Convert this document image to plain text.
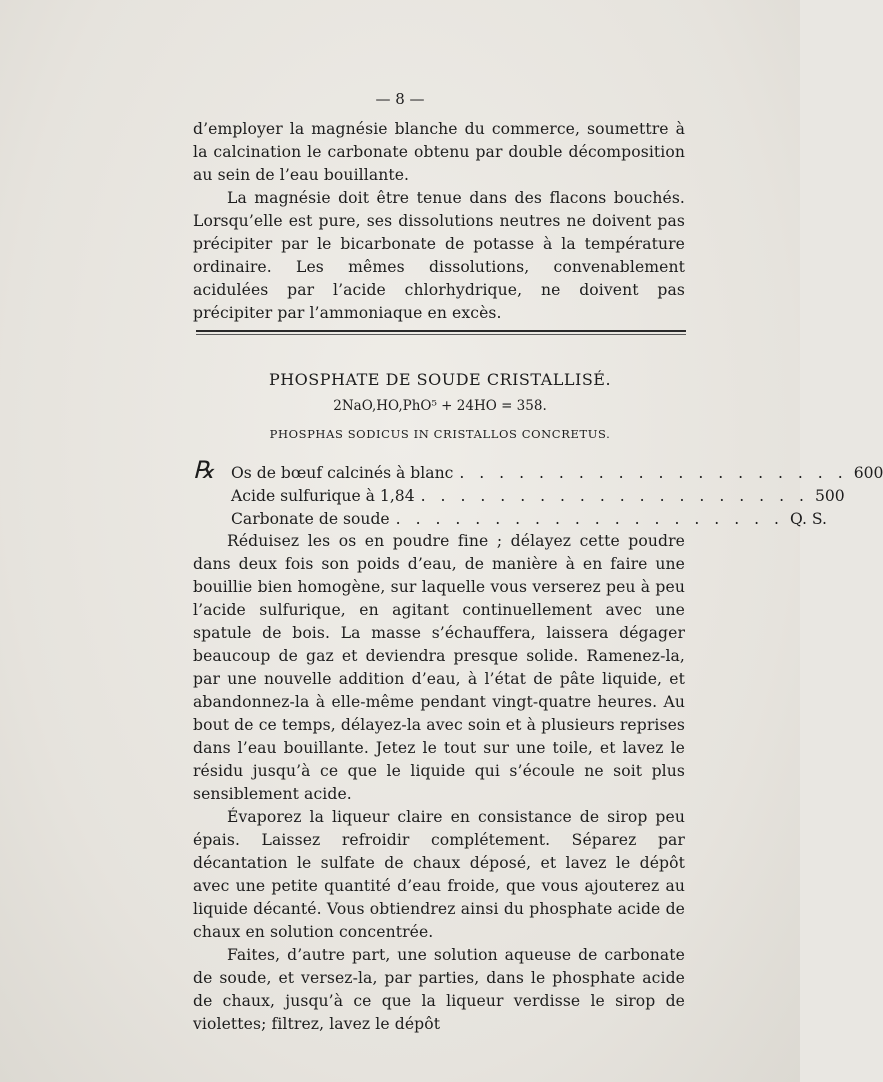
— 8 —

d’employer la magnésie blanche du commerce, soumettre à la calcination le carbonate obtenu par double décomposition au sein de l’eau bouillante.

La magnésie doit être tenue dans des flacons bouchés. Lorsqu’elle est pure, ses dissolutions neutres ne doivent pas précipiter par le bicarbonate de potasse à la température ordinaire. Les mêmes dissolutions, convenablement acidulées par l’acide chlorhydrique, ne doivent pas précipiter par l’ammoniaque en excès.

PHOSPHATE DE SOUDE CRISTALLISÉ.
2NaO,HO,PhO⁵ + 24HO = 358.
PHOSPHAS SODICUS IN CRISTALLOS CONCRETUS.
℞ Os de bœuf calcinés à blanc . . . . . . . . . . . . . . . . . . . . 600
Acide sulfurique à 1,84 . . . . . . . . . . . . . . . . . . . . 500
Carbonate de soude . . . . . . . . . . . . . . . . . . . . Q. S.

Réduisez les os en poudre fine ; délayez cette poudre dans deux fois son poids d’eau, de manière à en faire une bouillie bien homogène, sur laquelle vous verserez peu à peu l’acide sulfurique, en agitant continuellement avec une spatule de bois. La masse s’échauffera, laissera dégager beaucoup de gaz et deviendra presque solide. Ramenez-la, par une nouvelle addition d’eau, à l’état de pâte liquide, et abandonnez-la à elle-même pendant vingt-quatre heures. Au bout de ce temps, délayez-la avec soin et à plusieurs reprises dans l’eau bouillante. Jetez le tout sur une toile, et lavez le résidu jusqu’à ce que le liquide qui s’écoule ne soit plus sensiblement acide.

Évaporez la liqueur claire en consistance de sirop peu épais. Laissez refroidir complétement. Séparez par décantation le sulfate de chaux déposé, et lavez le dépôt avec une petite quantité d’eau froide, que vous ajouterez au liquide décanté. Vous obtiendrez ainsi du phosphate acide de chaux en solution concentrée.

Faites, d’autre part, une solution aqueuse de carbonate de soude, et versez-la, par parties, dans le phosphate acide de chaux, jusqu’à ce que la liqueur verdisse le sirop de violettes; filtrez, lavez le dépôt
